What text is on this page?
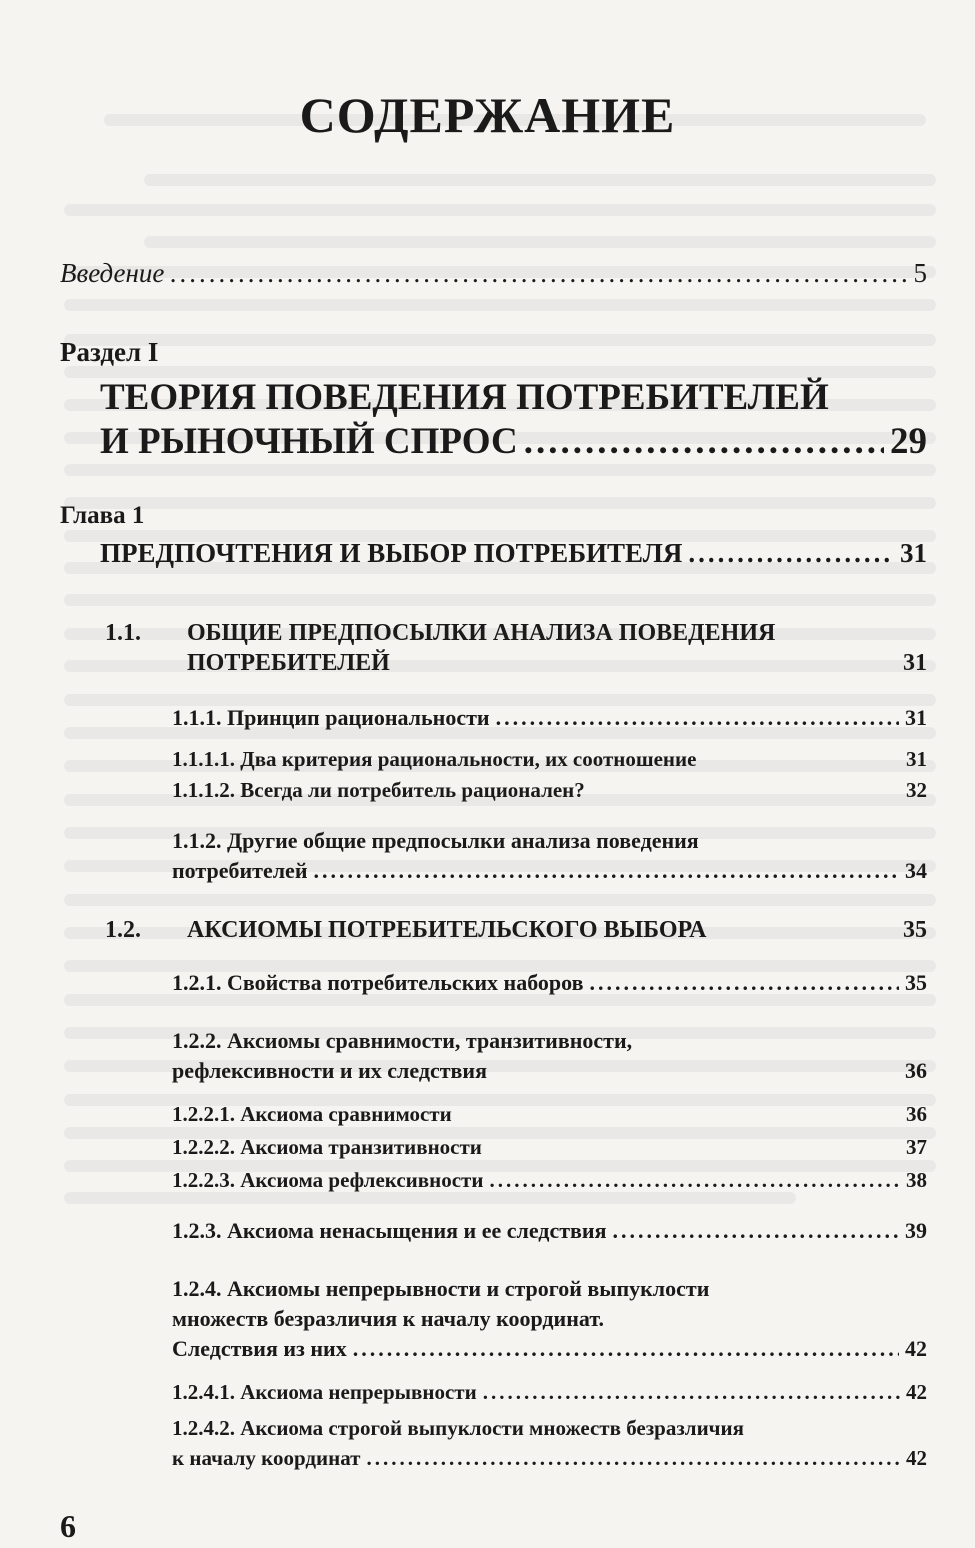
СОДЕРЖАНИЕ
Введение .....	5
Раздел I
ТЕОРИЯ ПОВЕДЕНИЯ ПОТРЕБИТЕЛЕЙ
И РЫНОЧНЫЙ СПРОС .....	29
Глава 1
ПРЕДПОЧТЕНИЯ И ВЫБОР ПОТРЕБИТЕЛЯ .....	31
1.1.	ОБЩИЕ ПРЕДПОСЫЛКИ АНАЛИЗА ПОВЕДЕНИЯ
ПОТРЕБИТЕЛЕЙ	31
1.1.1. Принцип рациональности .....	31
1.1.1.1. Два критерия рациональности, их соотношение	31
1.1.1.2. Всегда ли потребитель рационален?	32
1.1.2. Другие общие предпосылки анализа поведения
потребителей .....	34
1.2.	АКСИОМЫ ПОТРЕБИТЕЛЬСКОГО ВЫБОРА	35
1.2.1. Свойства потребительских наборов .....	35
1.2.2. Аксиомы сравнимости, транзитивности,
рефлексивности и их следствия	36
1.2.2.1. Аксиома сравнимости	36
1.2.2.2. Аксиома транзитивности	37
1.2.2.3. Аксиома рефлексивности .....	38
1.2.3. Аксиома ненасыщения и ее следствия .....	39
1.2.4. Аксиомы непрерывности и строгой выпуклости
множеств безразличия к началу координат.
Следствия из них .....	42
1.2.4.1. Аксиома непрерывности .....	42
1.2.4.2. Аксиома строгой выпуклости множеств безразличия
к началу координат .....	42
6
